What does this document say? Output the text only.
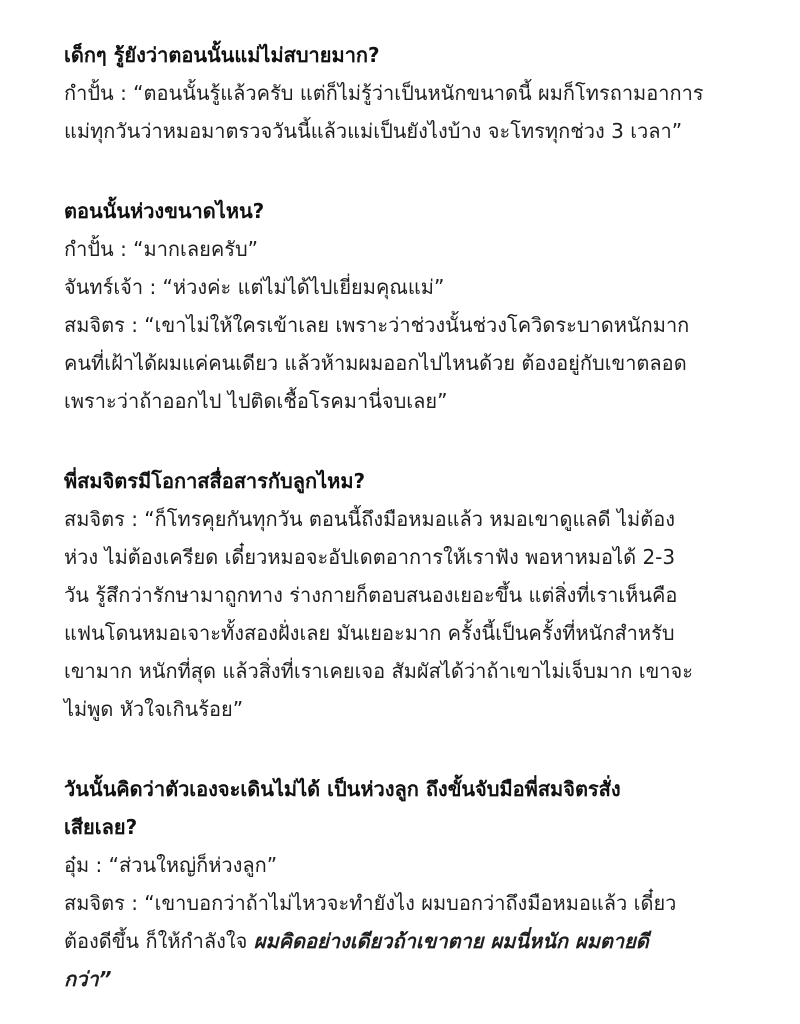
เด็กๆ รู้ยังว่าตอนนั้นแม่ไม่สบายมาก?
กำปั้น : “ตอนนั้นรู้แล้วครับ แต่ก็ไม่รู้ว่าเป็นหนักขนาดนี้ ผมก็โทรถามอาการ
แม่ทุกวันว่าหมอมาตรวจวันนี้แล้วแม่เป็นยังไงบ้าง จะโทรทุกช่วง 3 เวลา”
ตอนนั้นห่วงขนาดไหน?
กำปั้น : “มากเลยครับ”
จันทร์เจ้า : “ห่วงค่ะ แต่ไม่ได้ไปเยี่ยมคุณแม่”
สมจิตร : “เขาไม่ให้ใครเข้าเลย เพราะว่าช่วงนั้นช่วงโควิดระบาดหนักมาก
คนที่เฝ้าได้ผมแค่คนเดียว แล้วห้ามผมออกไปไหนด้วย ต้องอยู่กับเขาตลอด
เพราะว่าถ้าออกไป ไปติดเชื้อโรคมานี่จบเลย”
พี่สมจิตรมีโอกาสสื่อสารกับลูกไหม?
สมจิตร : “ก็โทรคุยกันทุกวัน ตอนนี้ถึงมือหมอแล้ว หมอเขาดูแลดี ไม่ต้อง
ห่วง ไม่ต้องเครียด เดี๋ยวหมอจะอัปเดตอาการให้เราฟัง พอหาหมอได้ 2-3
วัน รู้สึกว่ารักษามาถูกทาง ร่างกายก็ตอบสนองเยอะขึ้น แต่สิ่งที่เราเห็นคือ
แฟนโดนหมอเจาะทั้งสองฝั่งเลย มันเยอะมาก ครั้งนี้เป็นครั้งที่หนักสำหรับ
เขามาก หนักที่สุด แล้วสิ่งที่เราเคยเจอ สัมผัสได้ว่าถ้าเขาไม่เจ็บมาก เขาจะ
ไม่พูด หัวใจเกินร้อย”
วันนั้นคิดว่าตัวเองจะเดินไม่ได้ เป็นห่วงลูก ถึงขั้นจับมือพี่สมจิตรสั่ง
เสียเลย?
อุ๋ม : “ส่วนใหญ่ก็ห่วงลูก”
สมจิตร : “เขาบอกว่าถ้าไม่ไหวจะทำยังไง ผมบอกว่าถึงมือหมอแล้ว เดี๋ยว
ต้องดีขึ้น ก็ให้กำลังใจ ผมคิดอย่างเดียวถ้าเขาตาย ผมนี่หนัก ผมตายดี
กว่า”
